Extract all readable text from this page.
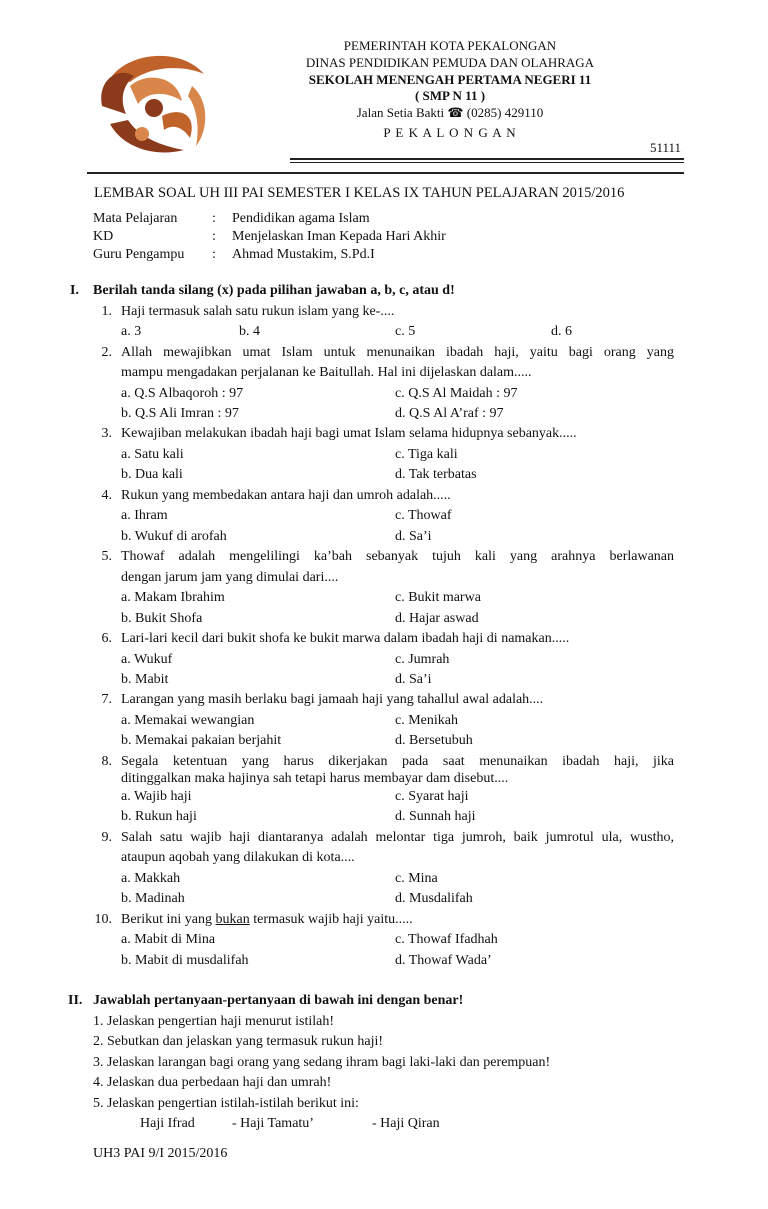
PEMERINTAH KOTA PEKALONGAN
DINAS PENDIDIKAN PEMUDA DAN OLAHRAGA
SEKOLAH MENENGAH PERTAMA NEGERI 11
( SMP N 11 )
Jalan Setia Bakti ☎ (0285) 429110
P E K A L O N G A N
51111
LEMBAR SOAL UH III PAI SEMESTER I KELAS IX TAHUN PELAJARAN 2015/2016
Mata Pelajaran : Pendidikan agama Islam
KD	: Menjelaskan Iman Kepada Hari Akhir
Guru Pengampu : Ahmad Mustakim, S.Pd.I
I. Berilah tanda silang (x) pada pilihan jawaban a, b, c, atau d!
1. Haji termasuk salah satu rukun islam yang ke-....
a. 3	b. 4	c. 5	d. 6
2. Allah mewajibkan umat Islam untuk menunaikan ibadah haji, yaitu bagi orang yang
mampu mengadakan perjalanan ke Baitullah. Hal ini dijelaskan dalam.....
a. Q.S Albaqoroh : 97	c. Q.S Al Maidah : 97
b. Q.S Ali Imran : 97	d. Q.S Al A’raf : 97
3. Kewajiban melakukan ibadah haji bagi umat Islam selama hidupnya sebanyak.....
a. Satu kali	c. Tiga kali
b. Dua kali	d. Tak terbatas
4. Rukun yang membedakan antara haji dan umroh adalah.....
a. Ihram	c. Thowaf
b. Wukuf di arofah	d. Sa’i
5. Thowaf adalah mengelilingi ka’bah sebanyak tujuh kali yang arahnya berlawanan
dengan jarum jam yang dimulai dari....
a. Makam Ibrahim	c. Bukit marwa
b. Bukit Shofa	d. Hajar aswad
6. Lari-lari kecil dari bukit shofa ke bukit marwa dalam ibadah haji di namakan.....
a. Wukuf	c. Jumrah
b. Mabit	d. Sa’i
7. Larangan yang masih berlaku bagi jamaah haji yang tahallul awal adalah....
a. Memakai wewangian	c. Menikah
b. Memakai pakaian berjahit	d. Bersetubuh
8. Segala ketentuan yang harus dikerjakan pada saat menunaikan ibadah haji, jika
ditinggalkan maka hajinya sah tetapi harus membayar dam disebut....
a. Wajib haji	c. Syarat haji
b. Rukun haji	d. Sunnah haji
9. Salah satu wajib haji diantaranya adalah melontar tiga jumroh, baik jumrotul ula, wustho,
ataupun aqobah yang dilakukan di kota....
a. Makkah	c. Mina
b. Madinah	d. Musdalifah
10. Berikut ini yang bukan termasuk wajib haji yaitu.....
a. Mabit di Mina	c. Thowaf Ifadhah
b. Mabit di musdalifah	d. Thowaf Wada’
II. Jawablah pertanyaan-pertanyaan di bawah ini dengan benar!
1. Jelaskan pengertian haji menurut istilah!
2. Sebutkan dan jelaskan yang termasuk rukun haji!
3. Jelaskan larangan bagi orang yang sedang ihram bagi laki-laki dan perempuan!
4. Jelaskan dua perbedaan haji dan umrah!
5. Jelaskan pengertian istilah-istilah berikut ini:
Haji Ifrad	- Haji Tamatu’	- Haji Qiran
UH3 PAI 9/I 2015/2016
